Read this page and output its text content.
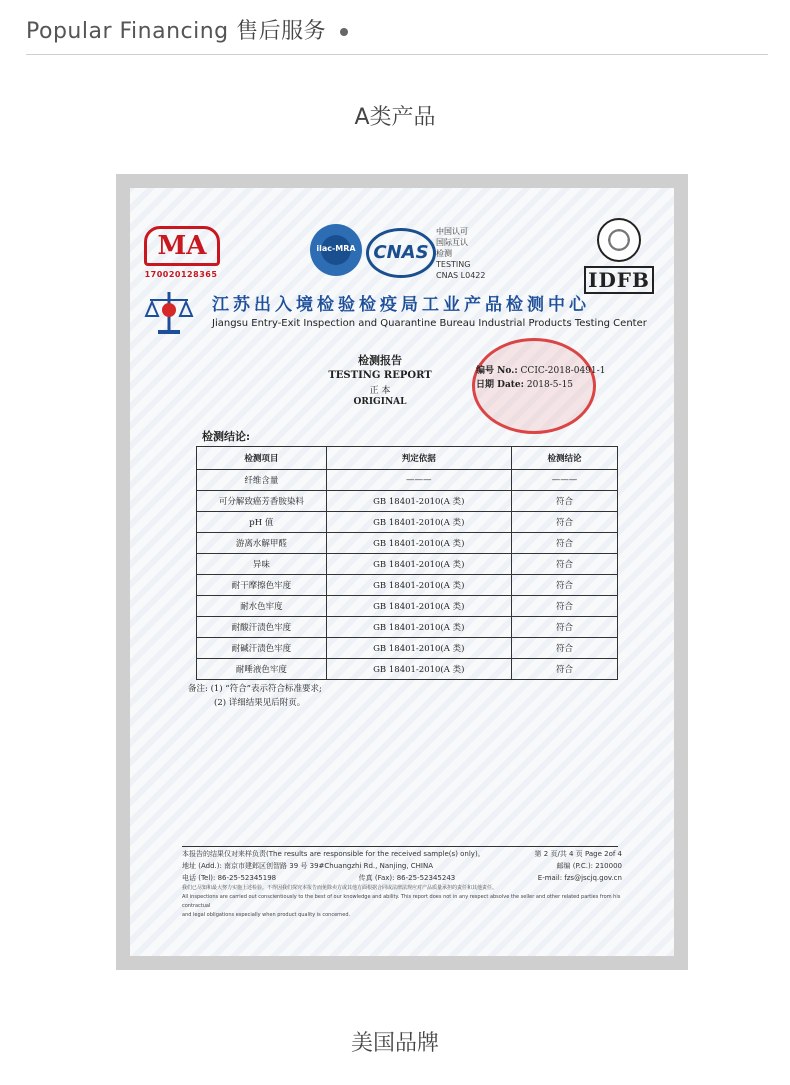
Popular Financing 售后服务
A类产品
MA
170020128365
ilac-MRA CNAS
中国认可
国际互认
检测
TESTING
CNAS L0422	IDFB
江苏出入境检验检疫局工业产品检测中心
Jiangsu Entry-Exit Inspection and Quarantine Bureau Industrial Products Testing Center
检测报告
TESTING REPORT
正 本
ORIGINAL
编号 No.: CCIC-2018-0491-1
日期 Date: 2018-5-15
检测结论:
检测项目	判定依据	检测结论
纤维含量	———	———
可分解致癌芳香胺染料	GB 18401-2010(A 类)	符合
pH 值	GB 18401-2010(A 类)	符合
游离水解甲醛	GB 18401-2010(A 类)	符合
异味	GB 18401-2010(A 类)	符合
耐干摩擦色牢度	GB 18401-2010(A 类)	符合
耐水色牢度	GB 18401-2010(A 类)	符合
耐酸汗渍色牢度	GB 18401-2010(A 类)	符合
耐碱汗渍色牢度	GB 18401-2010(A 类)	符合
耐唾液色牢度	GB 18401-2010(A 类)	符合
备注: (1) “符合”表示符合标准要求;
(2) 详细结果见后附页。
本报告的结果仅对来样负责(The results are responsible for the received sample(s) only)。	第 2 页/共 4 页 Page 2of 4
地址 (Add.): 南京市建邺区创智路 39 号 39#Chuangzhi Rd., Nanjing, CHINA	邮编 (P.C.): 210000
电话 (Tel): 86-25-52345198	传真 (Fax): 86-25-52345243	E-mail: fzs@jscjq.gov.cn
我们已尽知和最大努力实施上述检验。不得因我们探究本报告而免除卖方或其他方面根据合同或法律法规应对产品质量承担的责任和其他责任。
All inspections are carried out conscientiously to the best of our knowledge and ability. This report does not in any respect absolve the seller and other related parties from his contractual
and legal obligations especially when product quality is concerned.
美国品牌
